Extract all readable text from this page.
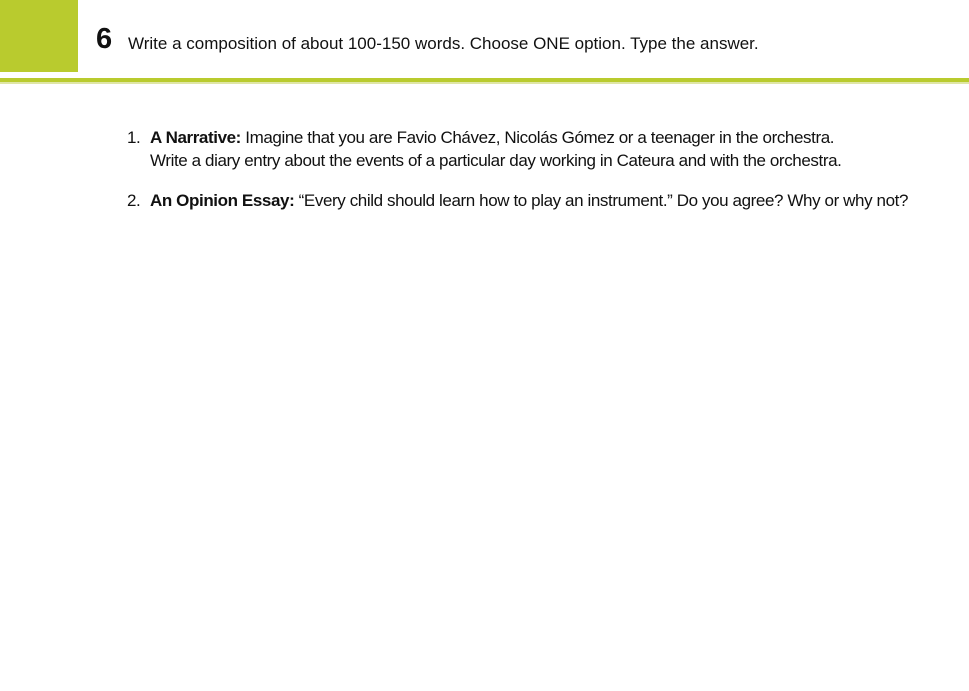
6 Write a composition of about 100-150 words. Choose ONE option. Type the answer.
1. A Narrative: Imagine that you are Favio Chávez, Nicolás Gómez or a teenager in the orchestra.
Write a diary entry about the events of a particular day working in Cateura and with the orchestra.
2. An Opinion Essay: “Every child should learn how to play an instrument.” Do you agree? Why or why not?
